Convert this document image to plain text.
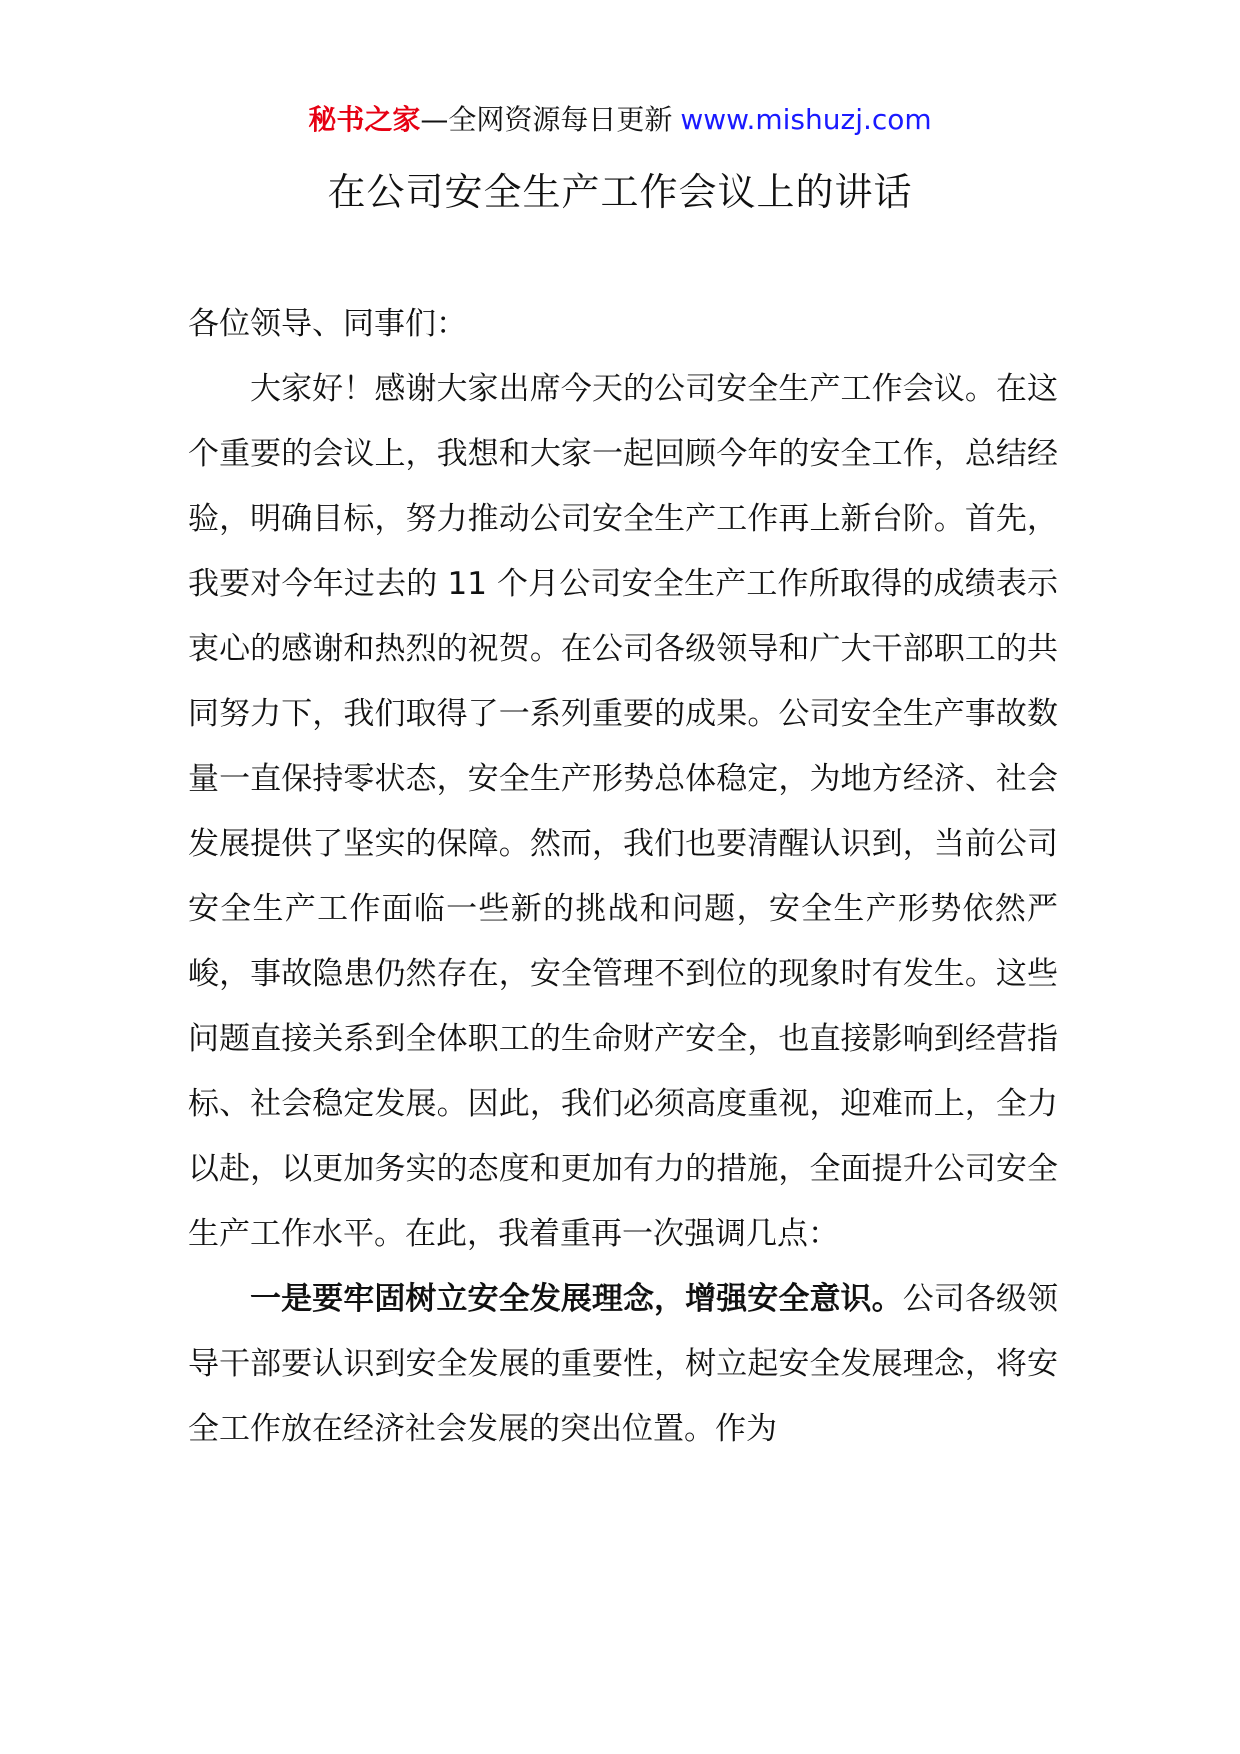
秘书之家—全网资源每日更新 www.mishuzj.com
在公司安全生产工作会议上的讲话

各位领导、同事们：

大家好！感谢大家出席今天的公司安全生产工作会议。在这个重要的会议上，我想和大家一起回顾今年的安全工作，总结经验，明确目标，努力推动公司安全生产工作再上新台阶。首先，我要对今年过去的 11 个月公司安全生产工作所取得的成绩表示衷心的感谢和热烈的祝贺。在公司各级领导和广大干部职工的共同努力下，我们取得了一系列重要的成果。公司安全生产事故数量一直保持零状态，安全生产形势总体稳定，为地方经济、社会发展提供了坚实的保障。然而，我们也要清醒认识到，当前公司安全生产工作面临一些新的挑战和问题，安全生产形势依然严峻，事故隐患仍然存在，安全管理不到位的现象时有发生。这些问题直接关系到全体职工的生命财产安全，也直接影响到经营指标、社会稳定发展。因此，我们必须高度重视，迎难而上，全力以赴，以更加务实的态度和更加有力的措施，全面提升公司安全生产工作水平。在此，我着重再一次强调几点：

一是要牢固树立安全发展理念，增强安全意识。公司各级领导干部要认识到安全发展的重要性，树立起安全发展理念，将安全工作放在经济社会发展的突出位置。作为
